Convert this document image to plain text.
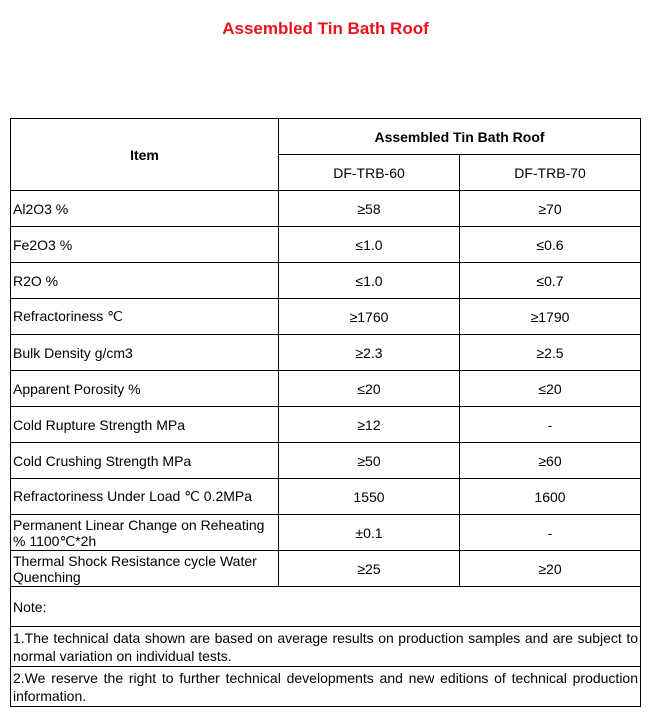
Assembled Tin Bath Roof
Item	Assembled Tin Bath Roof	
	DF-TRB-60	DF-TRB-70
Al2O3 %	≥58	≥70
Fe2O3 %	≤1.0	≤0.6
R2O %	≤1.0	≤0.7
Refractoriness ℃	≥1760	≥1790
Bulk Density g/cm3	≥2.3	≥2.5
Apparent Porosity %	≤20	≤20
Cold Rupture Strength MPa	≥12	-
Cold Crushing Strength MPa	≥50	≥60
Refractoriness Under Load ℃ 0.2MPa	1550	1600
Permanent Linear Change on Reheating % 1100℃*2h	±0.1	-
Thermal Shock Resistance cycle Water Quenching	≥25	≥20
Note:		
1.The technical data shown are based on average results on production samples and are subject to normal variation on individual tests.		
2.We reserve the right to further technical developments and new editions of technical production information.		
